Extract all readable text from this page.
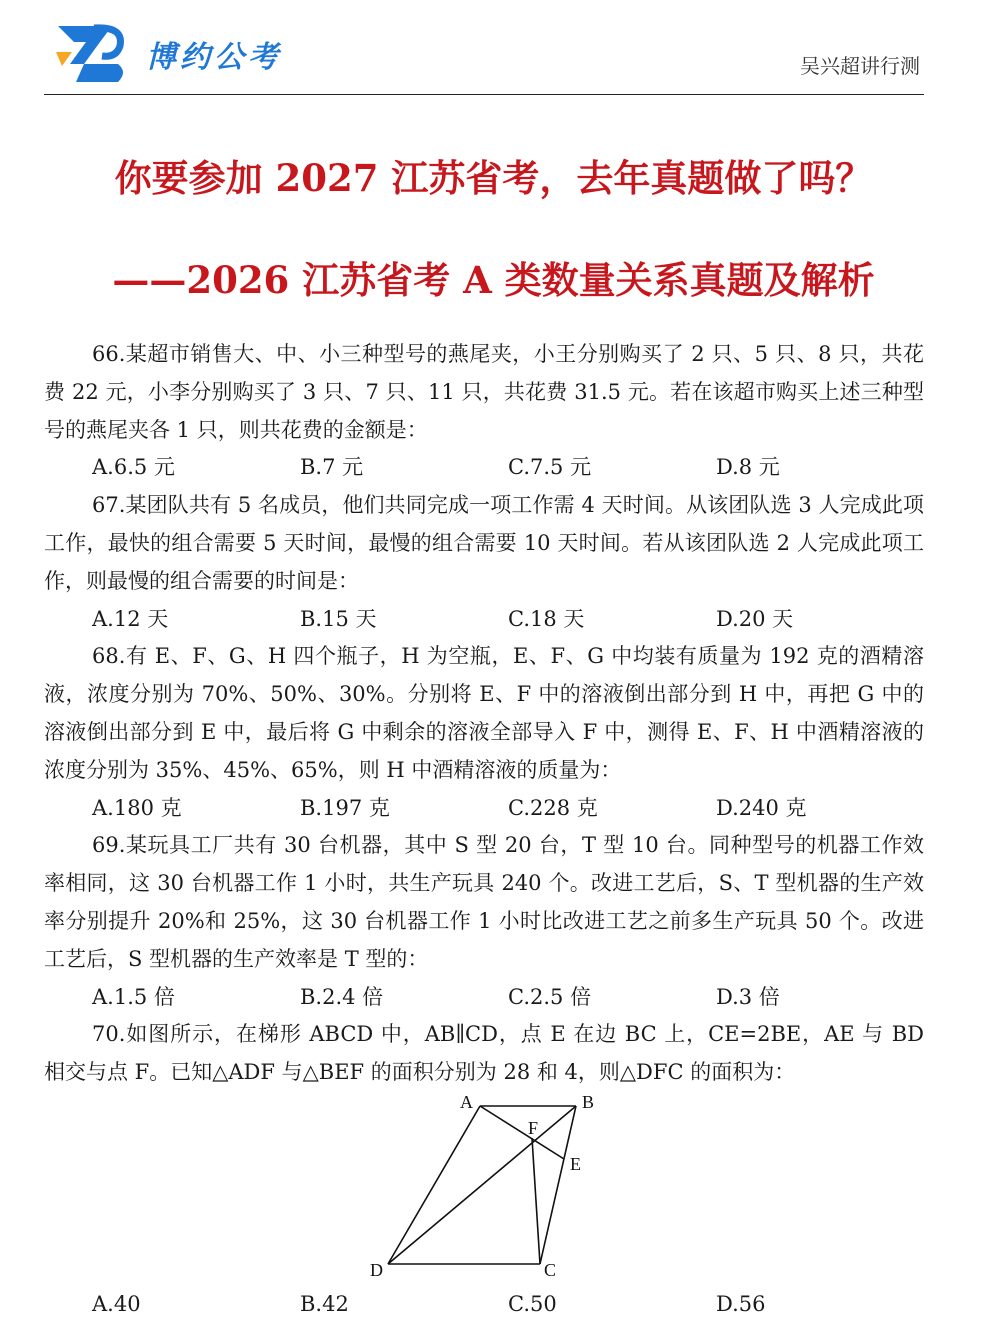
博约公考	吴兴超讲行测
你要参加 2027 江苏省考，去年真题做了吗？
——2026 江苏省考 A 类数量关系真题及解析

66.某超市销售大、中、小三种型号的燕尾夹，小王分别购买了 2 只、5 只、8 只，共花费 22 元，小李分别购买了 3 只、7 只、11 只，共花费 31.5 元。若在该超市购买上述三种型号的燕尾夹各 1 只，则共花费的金额是：

A.6.5 元	B.7 元	C.7.5 元	D.8 元

67.某团队共有 5 名成员，他们共同完成一项工作需 4 天时间。从该团队选 3 人完成此项工作，最快的组合需要 5 天时间，最慢的组合需要 10 天时间。若从该团队选 2 人完成此项工作，则最慢的组合需要的时间是：

A.12 天	B.15 天	C.18 天	D.20 天

68.有 E、F、G、H 四个瓶子，H 为空瓶，E、F、G 中均装有质量为 192 克的酒精溶液，浓度分别为 70%、50%、30%。分别将 E、F 中的溶液倒出部分到 H 中，再把 G 中的溶液倒出部分到 E 中，最后将 G 中剩余的溶液全部导入 F 中，测得 E、F、H 中酒精溶液的浓度分别为 35%、45%、65%，则 H 中酒精溶液的质量为：

A.180 克	B.197 克	C.228 克	D.240 克

69.某玩具工厂共有 30 台机器，其中 S 型 20 台，T 型 10 台。同种型号的机器工作效率相同，这 30 台机器工作 1 小时，共生产玩具 240 个。改进工艺后，S、T 型机器的生产效率分别提升 20%和 25%，这 30 台机器工作 1 小时比改进工艺之前多生产玩具 50 个。改进工艺后，S 型机器的生产效率是 T 型的：

A.1.5 倍	B.2.4 倍	C.2.5 倍	D.3 倍

70.如图所示，在梯形 ABCD 中，AB∥CD，点 E 在边 BC 上，CE=2BE，AE 与 BD 相交与点 F。已知△ADF 与△BEF 的面积分别为 28 和 4，则△DFC 的面积为：

A	B
C
D
E
F
A.40	B.42	C.50	D.56
